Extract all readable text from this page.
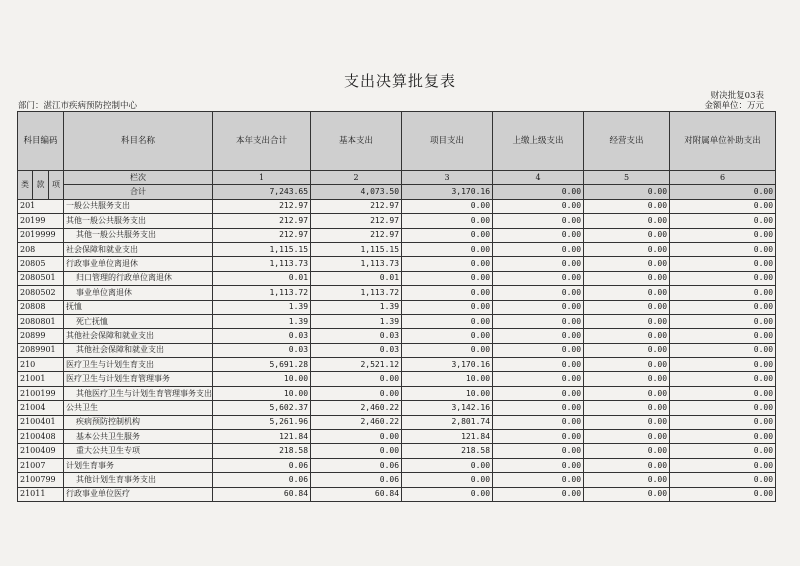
支出决算批复表
财决批复03表
部门：湛江市疾病预防控制中心	金额单位：万元
科目编码			科目名称	本年支出合计	基本支出	项目支出	上缴上级支出	经营支出	对附属单位补助支出
类	款	项	栏次	1	2	3	4	5	6
			合计	7,243.65	4,073.50	3,170.16	0.00	0.00	0.00
201			一般公共服务支出	212.97	212.97	0.00	0.00	0.00	0.00
20199			其他一般公共服务支出	212.97	212.97	0.00	0.00	0.00	0.00
2019999			其他一般公共服务支出	212.97	212.97	0.00	0.00	0.00	0.00
208			社会保障和就业支出	1,115.15	1,115.15	0.00	0.00	0.00	0.00
20805			行政事业单位离退休	1,113.73	1,113.73	0.00	0.00	0.00	0.00
2080501			归口管理的行政单位离退休	0.01	0.01	0.00	0.00	0.00	0.00
2080502			事业单位离退休	1,113.72	1,113.72	0.00	0.00	0.00	0.00
20808			抚恤	1.39	1.39	0.00	0.00	0.00	0.00
2080801			死亡抚恤	1.39	1.39	0.00	0.00	0.00	0.00
20899			其他社会保障和就业支出	0.03	0.03	0.00	0.00	0.00	0.00
2089901			其他社会保障和就业支出	0.03	0.03	0.00	0.00	0.00	0.00
210			医疗卫生与计划生育支出	5,691.28	2,521.12	3,170.16	0.00	0.00	0.00
21001			医疗卫生与计划生育管理事务	10.00	0.00	10.00	0.00	0.00	0.00
2100199			其他医疗卫生与计划生育管理事务支出	10.00	0.00	10.00	0.00	0.00	0.00
21004			公共卫生	5,602.37	2,460.22	3,142.16	0.00	0.00	0.00
2100401			疾病预防控制机构	5,261.96	2,460.22	2,801.74	0.00	0.00	0.00
2100408			基本公共卫生服务	121.84	0.00	121.84	0.00	0.00	0.00
2100409			重大公共卫生专项	218.58	0.00	218.58	0.00	0.00	0.00
21007			计划生育事务	0.06	0.06	0.00	0.00	0.00	0.00
2100799			其他计划生育事务支出	0.06	0.06	0.00	0.00	0.00	0.00
21011			行政事业单位医疗	60.84	60.84	0.00	0.00	0.00	0.00
